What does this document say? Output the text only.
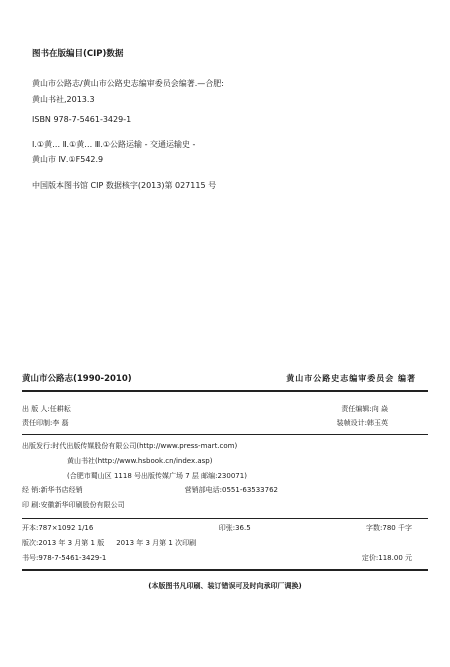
图书在版编目(CIP)数据
黄山市公路志/黄山市公路史志编审委员会编著.—合肥:
黄山书社,2013.3
ISBN 978-7-5461-3429-1
Ⅰ.①黄… Ⅱ.①黄… Ⅲ.①公路运输 - 交通运输史 -
黄山市 Ⅳ.①F542.9
中国版本图书馆 CIP 数据核字(2013)第 027115 号
黄山市公路志(1990-2010)	黄山市公路史志编审委员会 编著
出 版 人:任耕耘	责任编辑:向 焱
责任印制:李 磊	装帧设计:韩玉英
出版发行:时代出版传媒股份有限公司(http://www.press-mart.com)
黄山书社(http://www.hsbook.cn/index.asp)
(合肥市蜀山区 1118 号出版传媒广场 7 层 邮编:230071)
经 销:新华书店经销	营销部电话:0551-63533762
印 刷:安徽新华印刷股份有限公司
开本:787×1092 1/16	印张:36.5	字数:780 千字
版次:2013 年 3 月第 1 版 2013 年 3 月第 1 次印刷
书号:978-7-5461-3429-1	定价:118.00 元
(本版图书凡印刷、装订错误可及时向承印厂调换)
